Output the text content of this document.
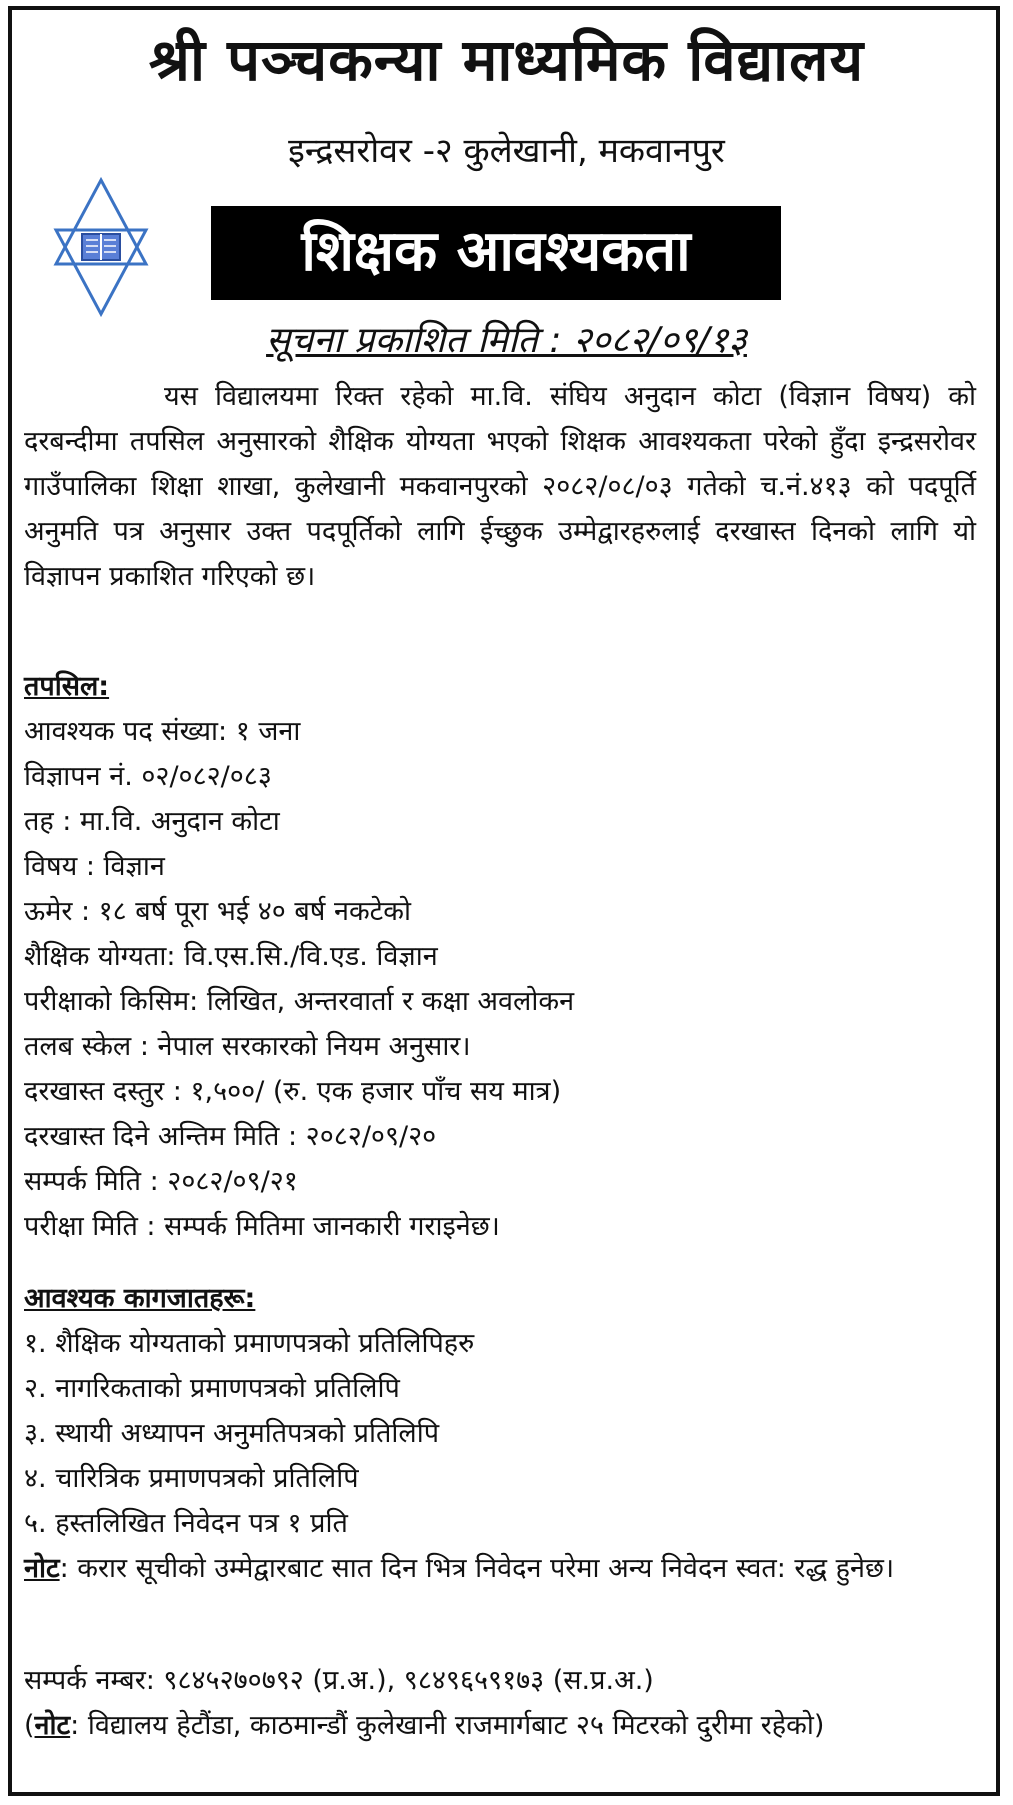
श्री पञ्चकन्या माध्यमिक विद्यालय
इन्द्रसरोवर -२ कुलेखानी, मकवानपुर
शिक्षक आवश्यकता
सूचना प्रकाशित मिति : २०८२/०९/१३

यस विद्यालयमा रिक्त रहेको मा.वि. संघिय अनुदान कोटा (विज्ञान विषय) को दरबन्दीमा तपसिल अनुसारको शैक्षिक योग्यता भएको शिक्षक आवश्यकता परेको हुँदा इन्द्रसरोवर गाउँपालिका शिक्षा शाखा, कुलेखानी मकवानपुरको २०८२/०८/०३ गतेको च.नं.४१३ को पदपूर्ति अनुमति पत्र अनुसार उक्त पदपूर्तिको लागि ईच्छुक उम्मेद्वारहरुलाई दरखास्त दिनको लागि यो विज्ञापन प्रकाशित गरिएको छ।

तपसिल:
आवश्यक पद संख्या: १ जना
विज्ञापन नं. ०२/०८२/०८३
तह : मा.वि. अनुदान कोटा
विषय : विज्ञान
ऊमेर : १८ बर्ष पूरा भई ४० बर्ष नकटेको
शैक्षिक योग्यता: वि.एस.सि./वि.एड. विज्ञान
परीक्षाको किसिम: लिखित, अन्तरवार्ता र कक्षा अवलोकन
तलब स्केल : नेपाल सरकारको नियम अनुसार।
दरखास्त दस्तुर : १,५००/ (रु. एक हजार पाँच सय मात्र)
दरखास्त दिने अन्तिम मिति : २०८२/०९/२०
सम्पर्क मिति : २०८२/०९/२१
परीक्षा मिति : सम्पर्क मितिमा जानकारी गराइनेछ।
आवश्यक कागजातहरू:
१. शैक्षिक योग्यताको प्रमाणपत्रको प्रतिलिपिहरु
२. नागरिकताको प्रमाणपत्रको प्रतिलिपि
३. स्थायी अध्यापन अनुमतिपत्रको प्रतिलिपि
४. चारित्रिक प्रमाणपत्रको प्रतिलिपि
५. हस्तलिखित निवेदन पत्र १ प्रति
नोट: करार सूचीको उम्मेद्वारबाट सात दिन भित्र निवेदन परेमा अन्य निवेदन स्वत: रद्ध हुनेछ।
सम्पर्क नम्बर: ९८४५२७०७९२ (प्र.अ.), ९८४९६५९१७३ (स.प्र.अ.)
(नोट: विद्यालय हेटौंडा, काठमान्डौं कुलेखानी राजमार्गबाट २५ मिटरको दुरीमा रहेको)
